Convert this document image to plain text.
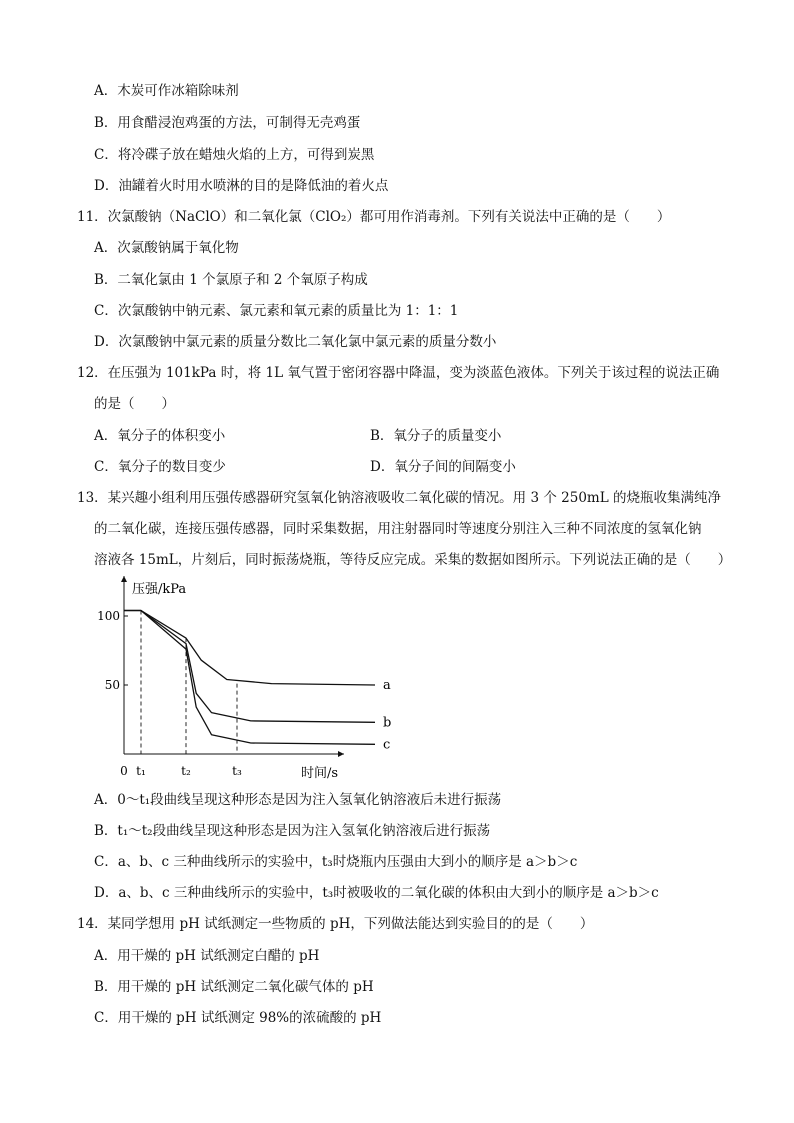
A．木炭可作冰箱除味剂
B．用食醋浸泡鸡蛋的方法，可制得无壳鸡蛋
C．将冷碟子放在蜡烛火焰的上方，可得到炭黑
D．油罐着火时用水喷淋的目的是降低油的着火点
11．次氯酸钠（NaClO）和二氧化氯（ClO₂）都可用作消毒剂。下列有关说法中正确的是（　　）
A．次氯酸钠属于氧化物
B．二氧化氯由 1 个氯原子和 2 个氧原子构成
C．次氯酸钠中钠元素、氯元素和氧元素的质量比为 1：1：1
D．次氯酸钠中氯元素的质量分数比二氧化氯中氯元素的质量分数小
12．在压强为 101kPa 时，将 1L 氧气置于密闭容器中降温，变为淡蓝色液体。下列关于该过程的说法正确
的是（　　）
A．氧分子的体积变小	B．氧分子的质量变小
C．氧分子的数目变少	D．氧分子间的间隔变小
13．某兴趣小组利用压强传感器研究氢氧化钠溶液吸收二氧化碳的情况。用 3 个 250mL 的烧瓶收集满纯净
的二氧化碳，连接压强传感器，同时采集数据，用注射器同时等速度分别注入三种不同浓度的氢氧化钠
溶液各 15mL，片刻后，同时振荡烧瓶，等待反应完成。采集的数据如图所示。下列说法正确的是（　　）
压强/kPa
时间/s
100
50
0 t₁	t₂	t₃
a
b
c
A．0～t₁段曲线呈现这种形态是因为注入氢氧化钠溶液后未进行振荡
B．t₁～t₂段曲线呈现这种形态是因为注入氢氧化钠溶液后进行振荡
C．a、b、c 三种曲线所示的实验中，t₃时烧瓶内压强由大到小的顺序是 a＞b＞c
D．a、b、c 三种曲线所示的实验中，t₃时被吸收的二氧化碳的体积由大到小的顺序是 a＞b＞c
14．某同学想用 pH 试纸测定一些物质的 pH，下列做法能达到实验目的的是（　　）
A．用干燥的 pH 试纸测定白醋的 pH
B．用干燥的 pH 试纸测定二氧化碳气体的 pH
C．用干燥的 pH 试纸测定 98%的浓硫酸的 pH
